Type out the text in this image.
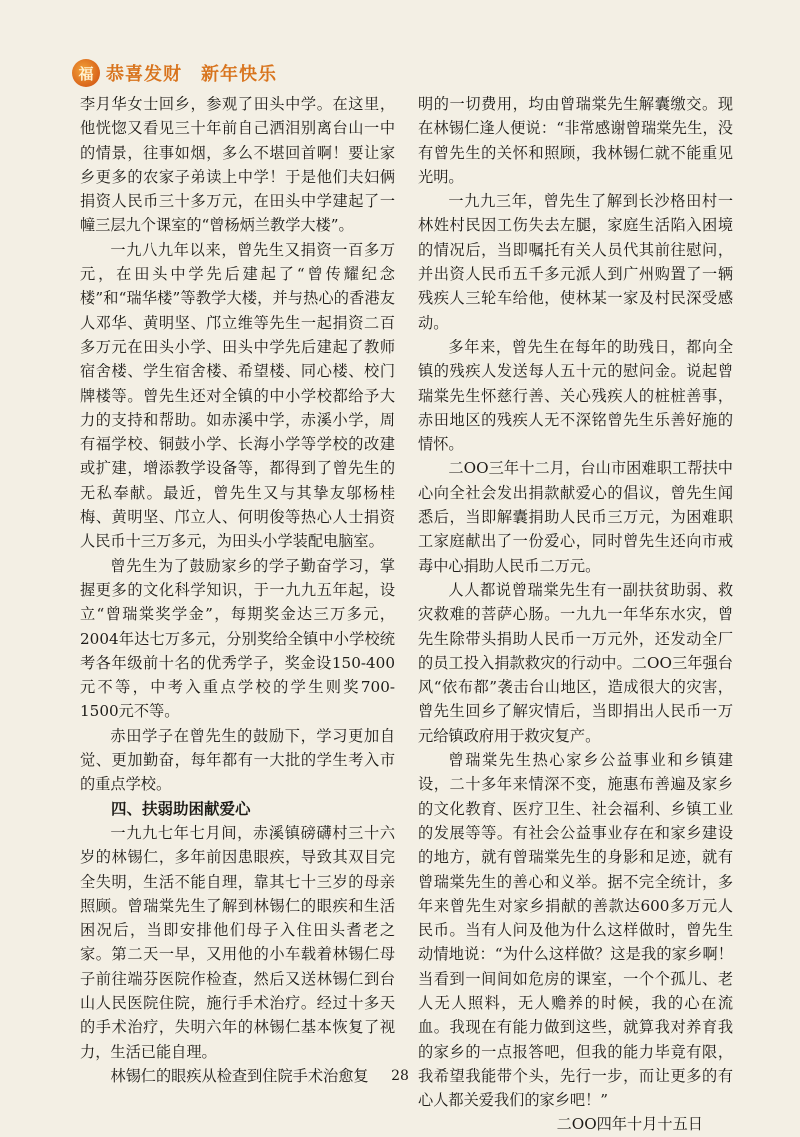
福
恭喜发财　新年快乐

李月华女士回乡，参观了田头中学。在这里，他恍惚又看见三十年前自己洒泪别离台山一中的情景，往事如烟，多么不堪回首啊！要让家乡更多的农家子弟读上中学！于是他们夫妇俩捐资人民币三十多万元，在田头中学建起了一幢三层九个课室的“曾杨炳兰教学大楼”。

一九八九年以来，曾先生又捐资一百多万元，在田头中学先后建起了“曾传耀纪念楼”和“瑞华楼”等教学大楼，并与热心的香港友人邓华、黄明坚、邝立维等先生一起捐资二百多万元在田头小学、田头中学先后建起了教师宿舍楼、学生宿舍楼、希望楼、同心楼、校门牌楼等。曾先生还对全镇的中小学校都给予大力的支持和帮助。如赤溪中学，赤溪小学，周有福学校、铜鼓小学、长海小学等学校的改建或扩建，增添教学设备等，都得到了曾先生的无私奉献。最近，曾先生又与其挚友邬杨桂梅、黄明坚、邝立人、何明俊等热心人士捐资人民币十三万多元，为田头小学装配电脑室。

曾先生为了鼓励家乡的学子勤奋学习，掌握更多的文化科学知识，于一九九五年起，设立“曾瑞棠奖学金”，每期奖金达三万多元，2004年达七万多元，分别奖给全镇中小学校统考各年级前十名的优秀学子，奖金设150-400元不等，中考入重点学校的学生则奖700-1500元不等。

赤田学子在曾先生的鼓励下，学习更加自觉、更加勤奋，每年都有一大批的学生考入市的重点学校。

四、扶弱助困献爱心

一九九七年七月间，赤溪镇磅礴村三十六岁的林锡仁，多年前因患眼疾，导致其双目完全失明，生活不能自理，靠其七十三岁的母亲照顾。曾瑞棠先生了解到林锡仁的眼疾和生活困况后，当即安排他们母子入住田头耆老之家。第二天一早，又用他的小车载着林锡仁母子前往端芬医院作检查，然后又送林锡仁到台山人民医院住院，施行手术治疗。经过十多天的手术治疗，失明六年的林锡仁基本恢复了视力，生活已能自理。

林锡仁的眼疾从检查到住院手术治愈复

明的一切费用，均由曾瑞棠先生解囊缴交。现在林锡仁逢人便说：“非常感谢曾瑞棠先生，没有曾先生的关怀和照顾，我林锡仁就不能重见光明。

一九九三年，曾先生了解到长沙格田村一林姓村民因工伤失去左腿，家庭生活陷入困境的情况后，当即嘱托有关人员代其前往慰问，并出资人民币五千多元派人到广州购置了一辆残疾人三轮车给他，使林某一家及村民深受感动。

多年来，曾先生在每年的助残日，都向全镇的残疾人发送每人五十元的慰问金。说起曾瑞棠先生怀慈行善、关心残疾人的桩桩善事，赤田地区的残疾人无不深铭曾先生乐善好施的情怀。

二OO三年十二月，台山市困难职工帮扶中心向全社会发出捐款献爱心的倡议，曾先生闻悉后，当即解囊捐助人民币三万元，为困难职工家庭献出了一份爱心，同时曾先生还向市戒毒中心捐助人民币二万元。

人人都说曾瑞棠先生有一副扶贫助弱、救灾救难的菩萨心肠。一九九一年华东水灾，曾先生除带头捐助人民币一万元外，还发动全厂的员工投入捐款救灾的行动中。二OO三年强台风“依布都”袭击台山地区，造成很大的灾害，曾先生回乡了解灾情后，当即捐出人民币一万元给镇政府用于救灾复产。

曾瑞棠先生热心家乡公益事业和乡镇建设，二十多年来情深不变，施惠布善遍及家乡的文化教育、医疗卫生、社会福利、乡镇工业的发展等等。有社会公益事业存在和家乡建设的地方，就有曾瑞棠先生的身影和足迹，就有曾瑞棠先生的善心和义举。据不完全统计，多年来曾先生对家乡捐献的善款达600多万元人民币。当有人问及他为什么这样做时，曾先生动情地说：“为什么这样做？这是我的家乡啊！当看到一间间如危房的课室，一个个孤儿、老人无人照料，无人赡养的时候，我的心在流血。我现在有能力做到这些，就算我对养育我的家乡的一点报答吧，但我的能力毕竟有限，我希望我能带个头，先行一步，而让更多的有心人都关爱我们的家乡吧！”

二OO四年十月十五日

28
